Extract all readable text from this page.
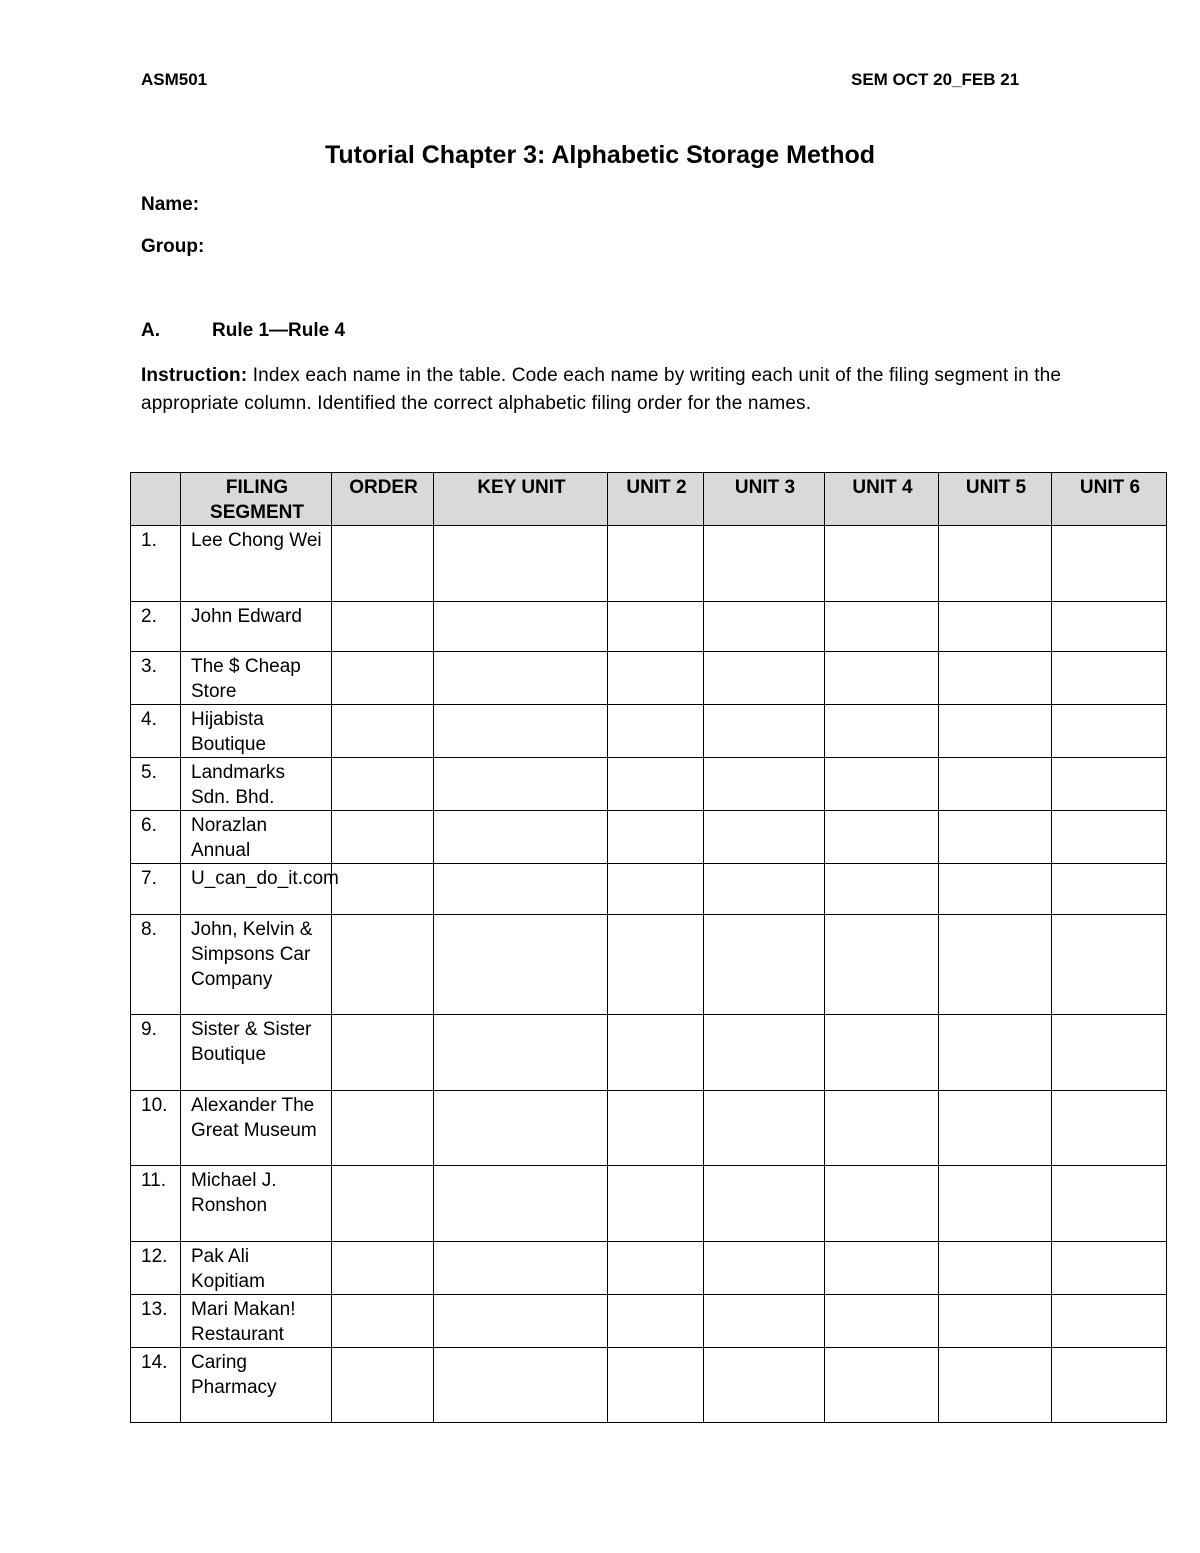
ASM501	SEM OCT 20_FEB 21
Tutorial Chapter 3: Alphabetic Storage Method
Name:
Group:
A.	Rule 1—Rule 4
Instruction: Index each name in the table. Code each name by writing each unit of the filing segment in the appropriate column. Identified the correct alphabetic filing order for the names.
	FILING SEGMENT	ORDER	KEY UNIT	UNIT 2	UNIT 3	UNIT 4	UNIT 5	UNIT 6
1.	Lee Chong Wei							
2.	John Edward							
3.	The $ Cheap Store							
4.	Hijabista Boutique							
5.	Landmarks Sdn. Bhd.							
6.	Norazlan Annual							
7.	U_can_do_it.com							
8.	John, Kelvin & Simpsons Car Company							
9.	Sister & Sister Boutique							
10.	Alexander The Great Museum							
11.	Michael J. Ronshon							
12.	Pak Ali Kopitiam							
13.	Mari Makan! Restaurant							
14.	Caring Pharmacy							
